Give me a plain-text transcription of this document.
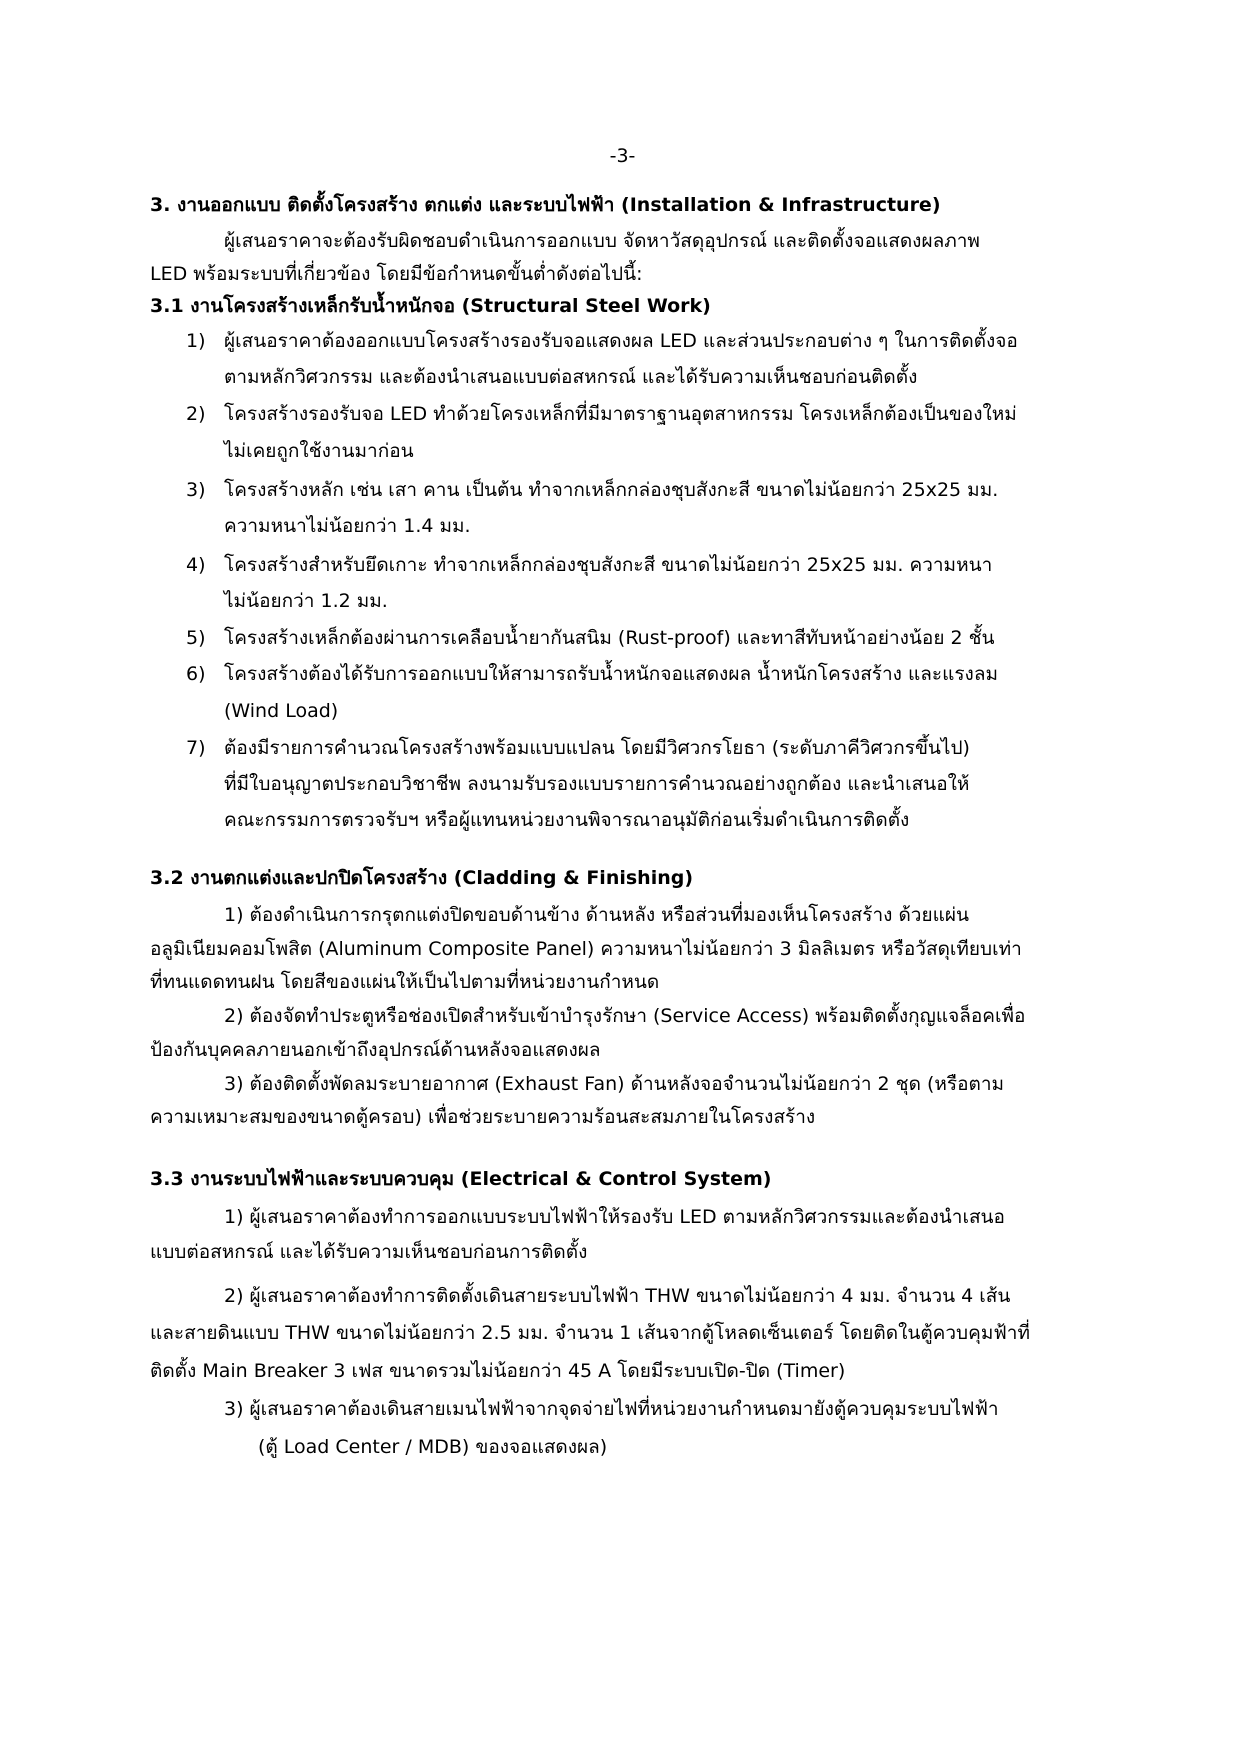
-3-
3. งานออกแบบ ติดตั้งโครงสร้าง ตกแต่ง และระบบไฟฟ้า (Installation & Infrastructure)
ผู้เสนอราคาจะต้องรับผิดชอบดำเนินการออกแบบ จัดหาวัสดุอุปกรณ์ และติดตั้งจอแสดงผลภาพ
LED พร้อมระบบที่เกี่ยวข้อง โดยมีข้อกำหนดขั้นต่ำดังต่อไปนี้:
3.1 งานโครงสร้างเหล็กรับน้ำหนักจอ (Structural Steel Work)
1) ผู้เสนอราคาต้องออกแบบโครงสร้างรองรับจอแสดงผล LED และส่วนประกอบต่าง ๆ ในการติดตั้งจอ
ตามหลักวิศวกรรม และต้องนำเสนอแบบต่อสหกรณ์ และได้รับความเห็นชอบก่อนติดตั้ง
2) โครงสร้างรองรับจอ LED ทำด้วยโครงเหล็กที่มีมาตราฐานอุตสาหกรรม โครงเหล็กต้องเป็นของใหม่
ไม่เคยถูกใช้งานมาก่อน
3) โครงสร้างหลัก เช่น เสา คาน เป็นต้น ทำจากเหล็กกล่องชุบสังกะสี ขนาดไม่น้อยกว่า 25x25 มม.
ความหนาไม่น้อยกว่า 1.4 มม.
4) โครงสร้างสำหรับยึดเกาะ ทำจากเหล็กกล่องชุบสังกะสี ขนาดไม่น้อยกว่า 25x25 มม. ความหนา
ไม่น้อยกว่า 1.2 มม.
5) โครงสร้างเหล็กต้องผ่านการเคลือบน้ำยากันสนิม (Rust-proof) และทาสีทับหน้าอย่างน้อย 2 ชั้น
6) โครงสร้างต้องได้รับการออกแบบให้สามารถรับน้ำหนักจอแสดงผล น้ำหนักโครงสร้าง และแรงลม
(Wind Load)
7) ต้องมีรายการคำนวณโครงสร้างพร้อมแบบแปลน โดยมีวิศวกรโยธา (ระดับภาคีวิศวกรขึ้นไป)
ที่มีใบอนุญาตประกอบวิชาชีพ ลงนามรับรองแบบรายการคำนวณอย่างถูกต้อง และนำเสนอให้
คณะกรรมการตรวจรับฯ หรือผู้แทนหน่วยงานพิจารณาอนุมัติก่อนเริ่มดำเนินการติดตั้ง
3.2 งานตกแต่งและปกปิดโครงสร้าง (Cladding & Finishing)
1) ต้องดำเนินการกรุตกแต่งปิดขอบด้านข้าง ด้านหลัง หรือส่วนที่มองเห็นโครงสร้าง ด้วยแผ่น
อลูมิเนียมคอมโพสิต (Aluminum Composite Panel) ความหนาไม่น้อยกว่า 3 มิลลิเมตร หรือวัสดุเทียบเท่า
ที่ทนแดดทนฝน โดยสีของแผ่นให้เป็นไปตามที่หน่วยงานกำหนด
2) ต้องจัดทำประตูหรือช่องเปิดสำหรับเข้าบำรุงรักษา (Service Access) พร้อมติดตั้งกุญแจล็อคเพื่อ
ป้องกันบุคคลภายนอกเข้าถึงอุปกรณ์ด้านหลังจอแสดงผล
3) ต้องติดตั้งพัดลมระบายอากาศ (Exhaust Fan) ด้านหลังจอจำนวนไม่น้อยกว่า 2 ชุด (หรือตาม
ความเหมาะสมของขนาดตู้ครอบ) เพื่อช่วยระบายความร้อนสะสมภายในโครงสร้าง
3.3 งานระบบไฟฟ้าและระบบควบคุม (Electrical & Control System)
1) ผู้เสนอราคาต้องทำการออกแบบระบบไฟฟ้าให้รองรับ LED ตามหลักวิศวกรรมและต้องนำเสนอ
แบบต่อสหกรณ์ และได้รับความเห็นชอบก่อนการติดตั้ง
2) ผู้เสนอราคาต้องทำการติดตั้งเดินสายระบบไฟฟ้า THW ขนาดไม่น้อยกว่า 4 มม. จำนวน 4 เส้น
และสายดินแบบ THW ขนาดไม่น้อยกว่า 2.5 มม. จำนวน 1 เส้นจากตู้โหลดเซ็นเตอร์ โดยติดในตู้ควบคุมฟ้าที่
ติดตั้ง Main Breaker 3 เฟส ขนาดรวมไม่น้อยกว่า 45 A โดยมีระบบเปิด-ปิด (Timer)
3) ผู้เสนอราคาต้องเดินสายเมนไฟฟ้าจากจุดจ่ายไฟที่หน่วยงานกำหนดมายังตู้ควบคุมระบบไฟฟ้า
(ตู้ Load Center / MDB) ของจอแสดงผล)
